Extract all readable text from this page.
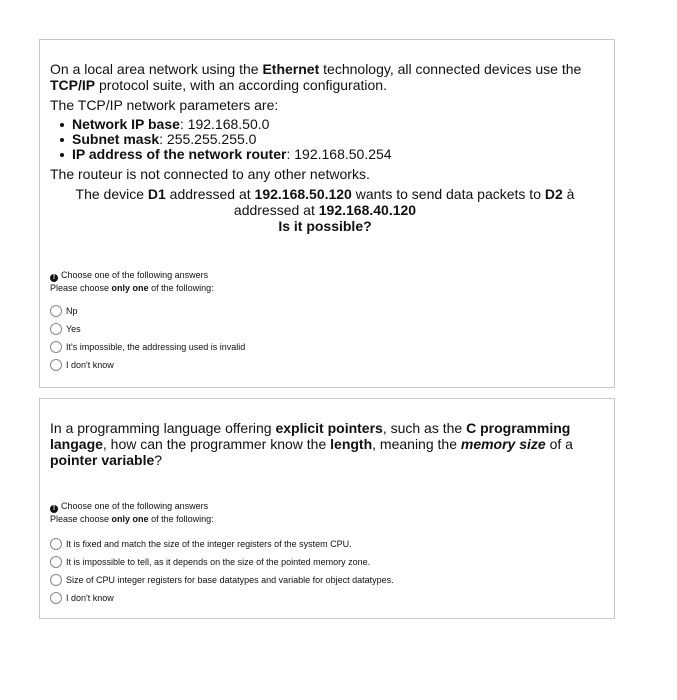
On a local area network using the Ethernet technology, all connected devices use the
TCP/IP protocol suite, with an according configuration.

The TCP/IP network parameters are:

Network IP base: 192.168.50.0
Subnet mask: 255.255.255.0
IP address of the network router: 192.168.50.254

The routeur is not connected to any other networks.

The device D1 addressed at 192.168.50.120 wants to send data packets to D2 à
addressed at 192.168.40.120
Is it possible?

! Choose one of the following answers
Please choose only one of the following:
Np
Yes
It's impossible, the addressing used is invalid
I don't know

In a programming language offering explicit pointers, such as the C programming
langage, how can the programmer know the length, meaning the memory size of a
pointer variable?

! Choose one of the following answers
Please choose only one of the following:
It is fixed and match the size of the integer registers of the system CPU.
It is impossible to tell, as it depends on the size of the pointed memory zone.
Size of CPU integer registers for base datatypes and variable for object datatypes.
I don't know
